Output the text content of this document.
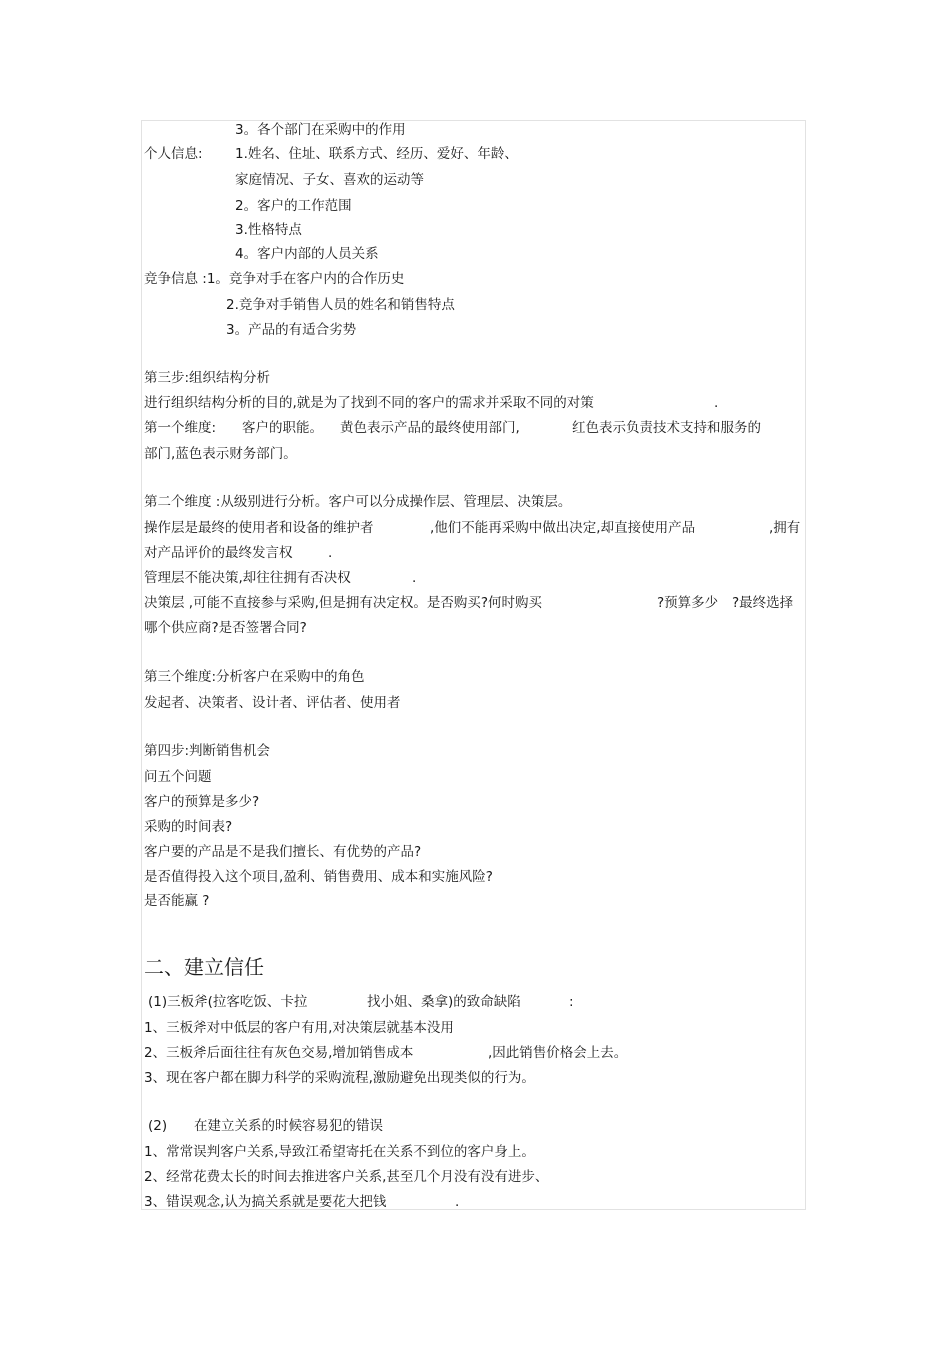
3。各个部门在采购中的作用
个人信息: 1.姓名、住址、联系方式、经历、爱好、年龄、
家庭情况、子女、喜欢的运动等
2。客户的工作范围
3.性格特点
4。客户内部的人员关系
竞争信息 :1。竞争对手在客户内的合作历史
2.竞争对手销售人员的姓名和销售特点
3。产品的有适合劣势
第三步:组织结构分析
进行组织结构分析的目的,就是为了找到不同的客户的需求并采取不同的对策	.
第一个维度: 客户的职能。 黄色表示产品的最终使用部门,	红色表示负责技术支持和服务的
部门,蓝色表示财务部门。
第二个维度 :从级别进行分析。客户可以分成操作层、管理层、决策层。
操作层是最终的使用者和设备的维护者	,他们不能再采购中做出决定,却直接使用产品	,拥有
对产品评价的最终发言权	.
管理层不能决策,却往往拥有否决权	.
决策层 ,可能不直接参与采购,但是拥有决定权。是否购买?何时购买	?预算多少 ?最终选择
哪个供应商?是否签署合同?
第三个维度:分析客户在采购中的角色
发起者、决策者、设计者、评估者、使用者
第四步:判断销售机会
问五个问题
客户的预算是多少?
采购的时间表?
客户要的产品是不是我们擅长、有优势的产品?
是否值得投入这个项目,盈利、销售费用、成本和实施风险?
是否能赢 ?
二、建立信任
(1)三板斧(拉客吃饭、卡拉	找小姐、桑拿)的致命缺陷	:
1、三板斧对中低层的客户有用,对决策层就基本没用
2、三板斧后面往往有灰色交易,增加销售成本	,因此销售价格会上去。
3、现在客户都在脚力科学的采购流程,激励避免出现类似的行为。
(2) 在建立关系的时候容易犯的错误
1、常常误判客户关系,导致江希望寄托在关系不到位的客户身上。
2、经常花费太长的时间去推进客户关系,甚至几个月没有没有进步、
3、错误观念,认为搞关系就是要花大把钱	.
